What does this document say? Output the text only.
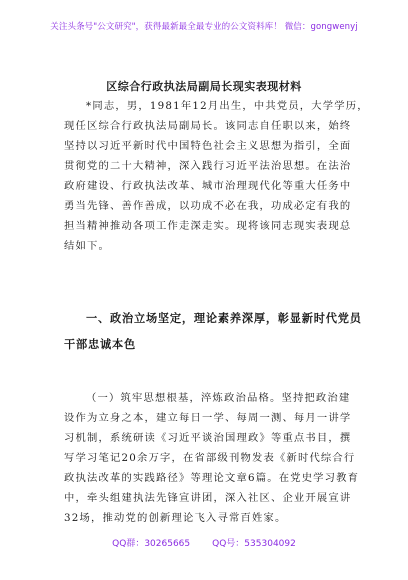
关注头条号"公文研究"，获得最新最全最专业的公文资料库！ 微信：gongwenyj
区综合行政执法局副局长现实表现材料

*同志，男，1981年12月出生，中共党员，大学学历，

现任区综合行政执法局副局长。该同志自任职以来，始终

坚持以习近平新时代中国特色社会主义思想为指引，全面

贯彻党的二十大精神，深入践行习近平法治思想。在法治

政府建设、行政执法改革、城市治理现代化等重大任务中

勇当先锋、善作善成，以功成不必在我，功成必定有我的

担当精神推动各项工作走深走实。现将该同志现实表现总

结如下。

一、政治立场坚定，理论素养深厚，彰显新时代党员

干部忠诚本色

（一）筑牢思想根基，淬炼政治品格。坚持把政治建

设作为立身之本，建立每日一学、每周一测、每月一讲学

习机制，系统研读《习近平谈治国理政》等重点书目，撰

写学习笔记20余万字，在省部级刊物发表《新时代综合行

政执法改革的实践路径》等理论文章6篇。在党史学习教育

中，牵头组建执法先锋宣讲团，深入社区、企业开展宣讲

32场，推动党的创新理论飞入寻常百姓家。

QQ群：30265665 QQ号：535304092
